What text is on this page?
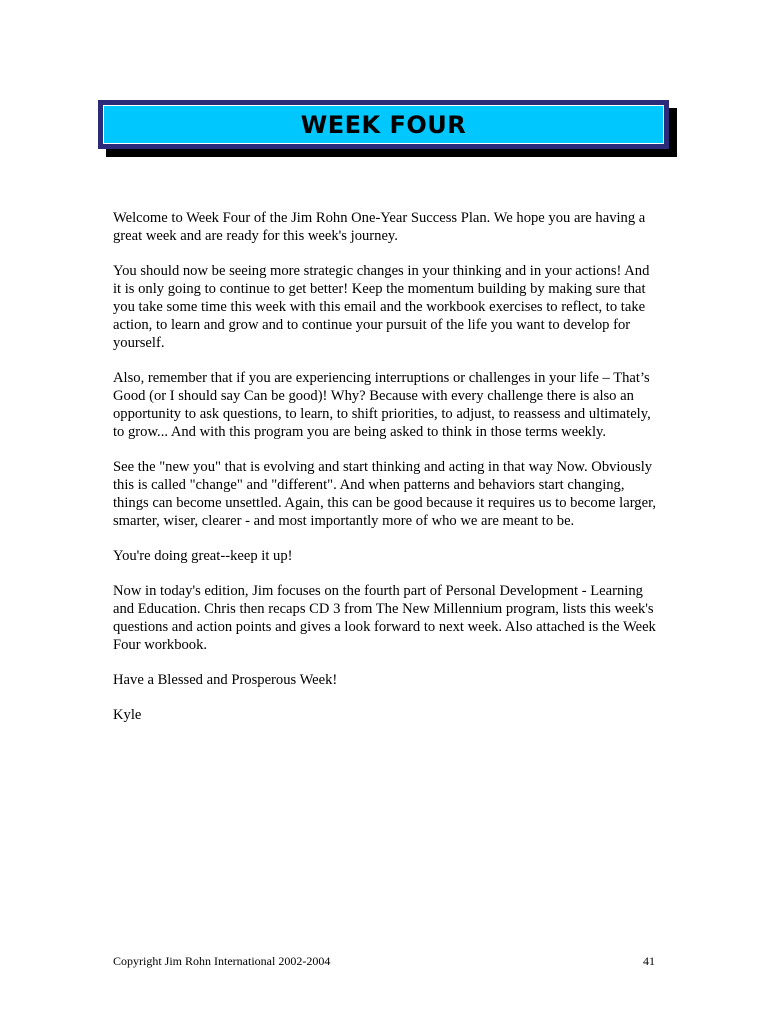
WEEK FOUR

Welcome to Week Four of the Jim Rohn One-Year Success Plan. We hope you are having a great week and are ready for this week's journey.

You should now be seeing more strategic changes in your thinking and in your actions! And it is only going to continue to get better! Keep the momentum building by making sure that you take some time this week with this email and the workbook exercises to reflect, to take action, to learn and grow and to continue your pursuit of the life you want to develop for yourself.

Also, remember that if you are experiencing interruptions or challenges in your life – That’s Good (or I should say Can be good)! Why? Because with every challenge there is also an opportunity to ask questions, to learn, to shift priorities, to adjust, to reassess and ultimately, to grow... And with this program you are being asked to think in those terms weekly.

See the "new you" that is evolving and start thinking and acting in that way Now. Obviously this is called "change" and "different". And when patterns and behaviors start changing, things can become unsettled. Again, this can be good because it requires us to become larger, smarter, wiser, clearer - and most importantly more of who we are meant to be.

You're doing great--keep it up!

Now in today's edition, Jim focuses on the fourth part of Personal Development - Learning and Education. Chris then recaps CD 3 from The New Millennium program, lists this week's questions and action points and gives a look forward to next week. Also attached is the Week Four workbook.

Have a Blessed and Prosperous Week!

Kyle

Copyright Jim Rohn International 2002-2004	41
